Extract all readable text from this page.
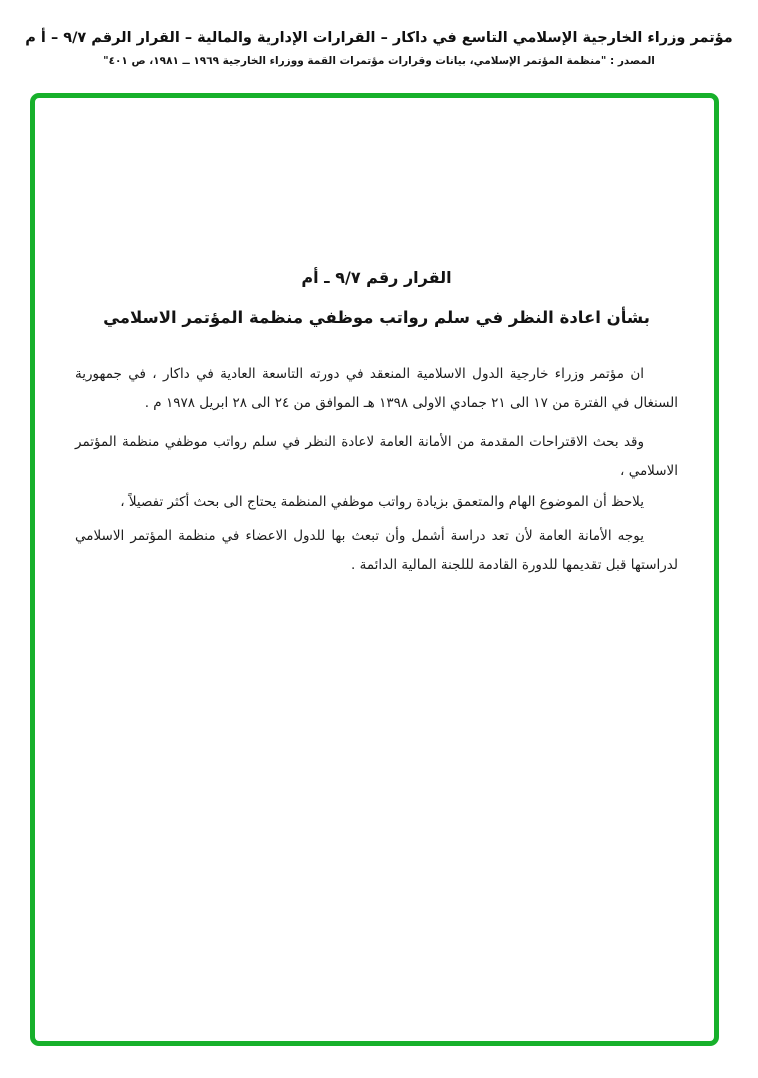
مؤتمر وزراء الخارجية الإسلامي التاسع في داكار – القرارات الإدارية والمالية – القرار الرقم ٩/٧ – أ م
المصدر : "منظمة المؤتمر الإسلامي، بيانات وقرارات مؤتمرات القمة ووزراء الخارجية ١٩٦٩ ــ ١٩٨١، ص ٤٠١"
القرار رقم ٩/٧ ـ أم
بشأن اعادة النظر في سلم رواتب موظفي منظمة المؤتمر الاسلامي
ان مؤتمر وزراء خارجية الدول الاسلامية المنعقد في دورته التاسعة العادية في داكار ، في جمهورية
السنغال في الفترة من ١٧ الى ٢١ جمادي الاولى ١٣٩٨ هـ الموافق من ٢٤ الى ٢٨ ابريل ١٩٧٨ م .
وقد بحث الاقتراحات المقدمة من الأمانة العامة لاعادة النظر في سلم رواتب موظفي منظمة المؤتمر
الاسلامي ،
يلاحظ أن الموضوع الهام والمتعمق بزيادة رواتب موظفي المنظمة يحتاج الى بحث أكثر تفصيلاً ،
يوجه الأمانة العامة لأن تعد دراسة أشمل وأن تبعث بها للدول الاعضاء في منظمة المؤتمر الاسلامي
لدراستها قبل تقديمها للدورة القادمة لللجنة المالية الدائمة .
